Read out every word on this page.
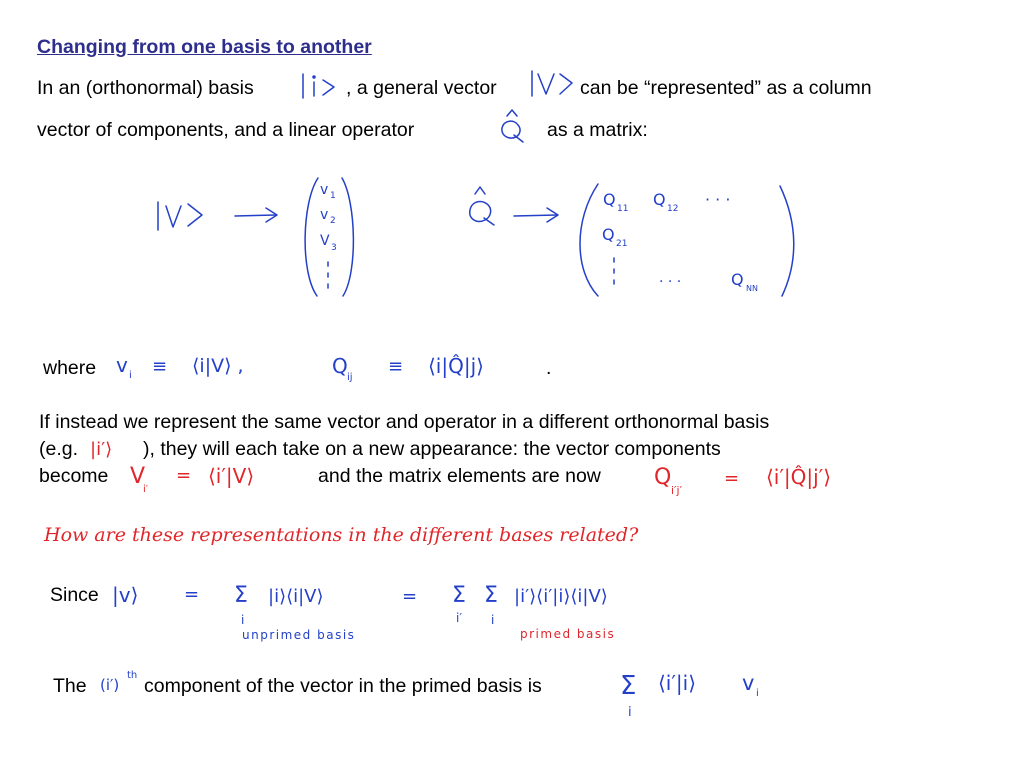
Changing from one basis to another
In an (orthonormal) basis	, a general vector	can be “represented” as a column
vector of components, and a linear operator	as a matrix:
where	.
If instead we represent the same vector and operator in a different orthonormal basis
(e.g.	), they will each take on a new appearance: the vector components
become	and the matrix elements are now
How are these representations in the different bases related?
Since
unprimed basis	primed basis
The	component of the vector in the primed basis is
v 1
v 2
V 3
Q 11 Q 12 · · ·
Q 21
· · ·	Q NN
v i ≡ ⟨i|V⟩ ,	Q ij
≡ ⟨i|Q̂|j⟩
|i′⟩
V
i′
= ⟨i′|V⟩	Q
i′j′
= ⟨i′|Q̂|j′⟩
|v⟩	= Σ
i
|i⟩⟨i|V⟩	= Σ
i′
Σ
i
|i′⟩⟨i′|i⟩⟨i|V⟩
(i′)
th	Σ
i
⟨i′|i⟩ v i
